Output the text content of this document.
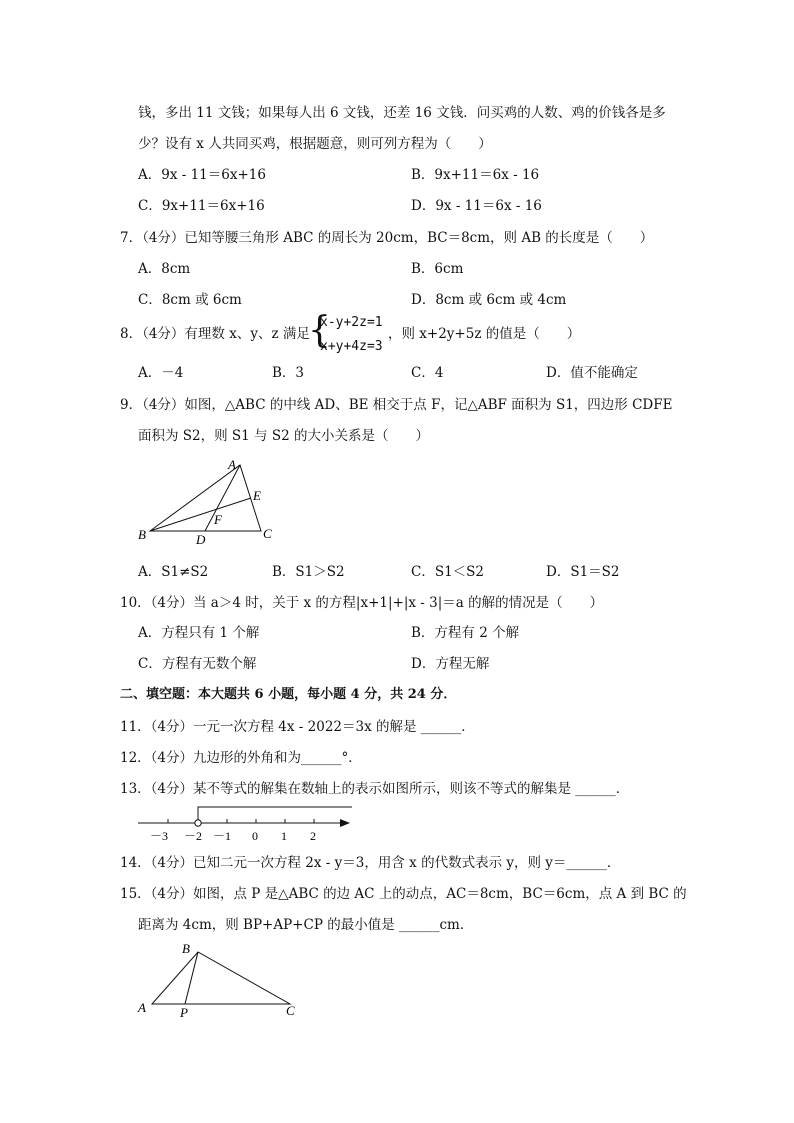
钱，多出 11 文钱；如果每人出 6 文钱，还差 16 文钱．问买鸡的人数、鸡的价钱各是多
少？设有 x 人共同买鸡，根据题意，则可列方程为（　　）
A．9x - 11＝6x+16	B．9x+11＝6x - 16
C．9x+11＝6x+16	D．9x - 11＝6x - 16
7．（4分）已知等腰三角形 ABC 的周长为 20cm，BC＝8cm，则 AB 的长度是（　　）
A．8cm	B．6cm
C．8cm 或 6cm	D．8cm 或 6cm 或 4cm
8．（4分）有理数 x、y、z 满足
{
x-y+2z=1
x+y+4z=3
，则 x+2y+5z 的值是（　　）
A．－4	B．3	C．4	D．值不能确定
9．（4分）如图，△ABC 的中线 AD、BE 相交于点 F，记△ABF 面积为 S1，四边形 CDFE
面积为 S2，则 S1 与 S2 的大小关系是（　　）
A
B	C
D
E
F
A．S1≠S2	B．S1＞S2	C．S1＜S2	D．S1＝S2
10．（4分）当 a＞4 时，关于 x 的方程|x+1|+|x - 3|＝a 的解的情况是（　　）
A．方程只有 1 个解	B．方程有 2 个解
C．方程有无数个解	D．方程无解
二、填空题：本大题共 6 小题，每小题 4 分，共 24 分．
11．（4分）一元一次方程 4x - 2022＝3x 的解是 ______．
12．（4分）九边形的外角和为______°．
13．（4分）某不等式的解集在数轴上的表示如图所示，则该不等式的解集是 ______．
－3 －2 －1 0 1 2
14．（4分）已知二元一次方程 2x - y＝3，用含 x 的代数式表示 y，则 y＝______．
15．（4分）如图，点 P 是△ABC 的边 AC 上的动点，AC＝8cm，BC＝6cm，点 A 到 BC 的
距离为 4cm，则 BP+AP+CP 的最小值是 ______cm．
B
A	P	C
